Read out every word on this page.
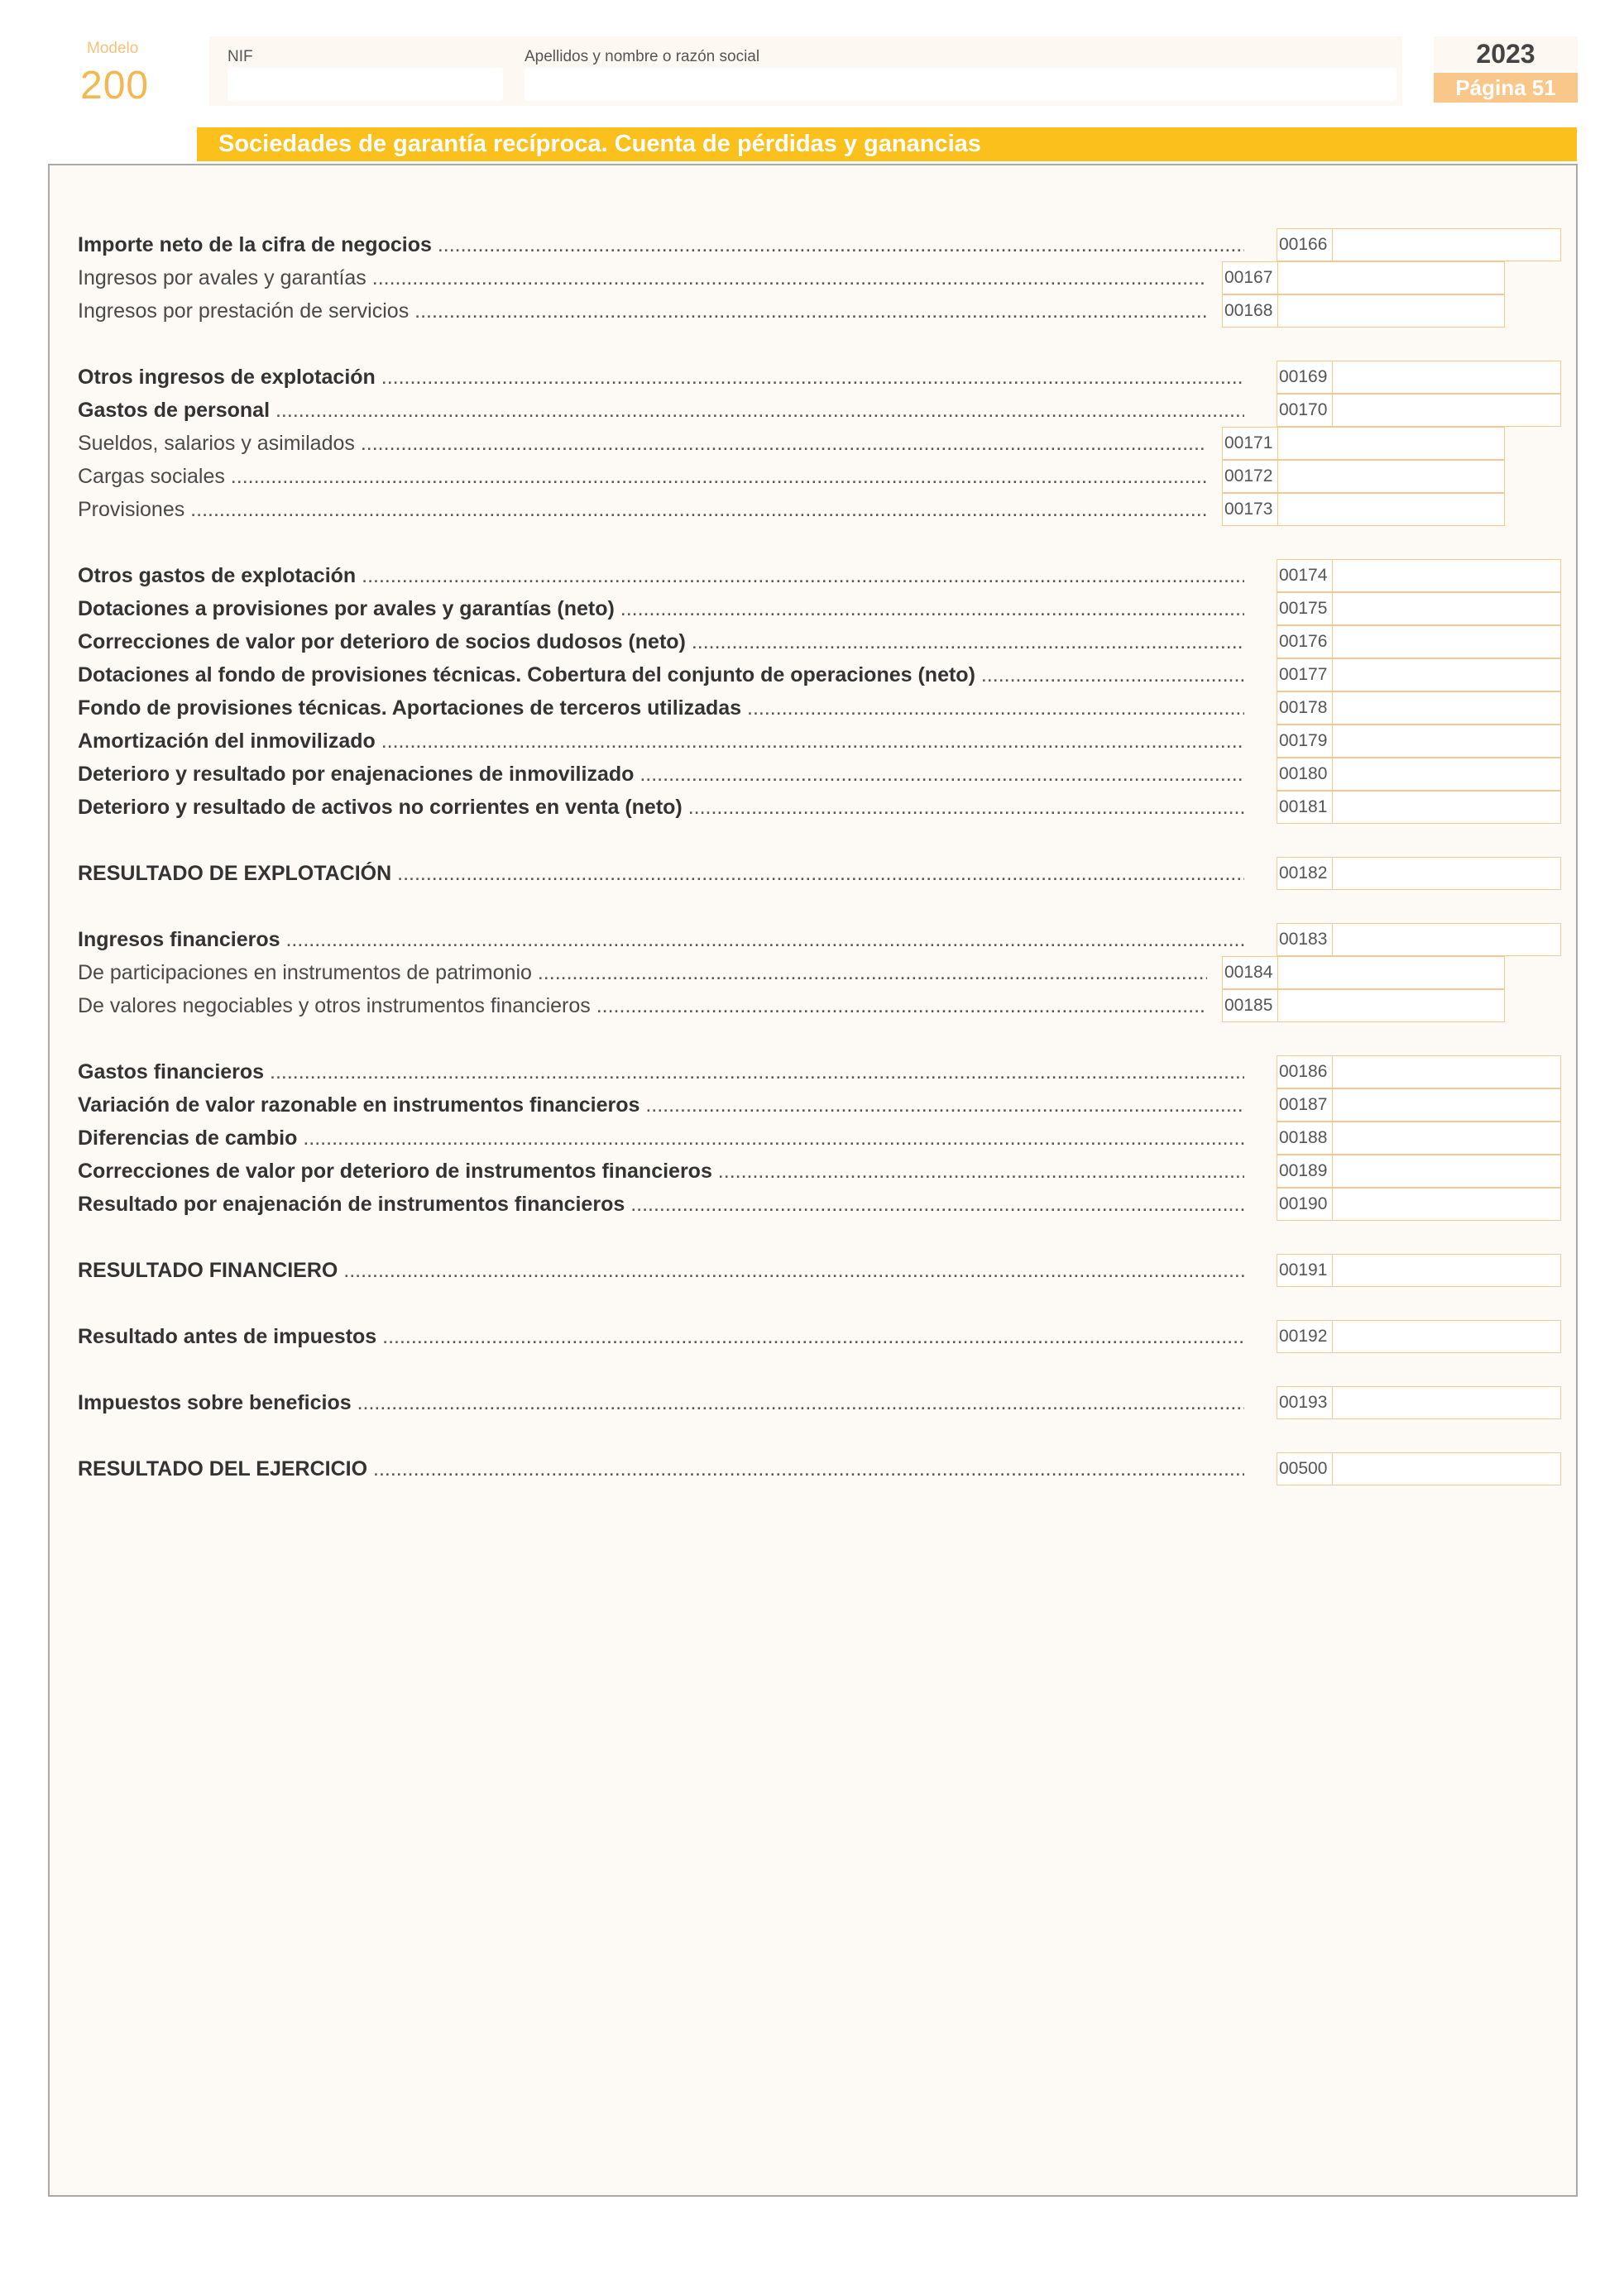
Modelo
200
NIF	Apellidos y nombre o razón social	2023
Página 51
Sociedades de garantía recíproca. Cuenta de pérdidas y ganancias
Importe neto de la cifra de negocios .....	00166
Ingresos por avales y garantías .....	00167
Ingresos por prestación de servicios .....	00168
Otros ingresos de explotación .....	00169
Gastos de personal .....	00170
Sueldos, salarios y asimilados .....	00171
Cargas sociales .....	00172
Provisiones .....	00173
Otros gastos de explotación .....	00174
Dotaciones a provisiones por avales y garantías (neto) .....	00175
Correcciones de valor por deterioro de socios dudosos (neto) .....	00176
Dotaciones al fondo de provisiones técnicas. Cobertura del conjunto de operaciones (neto) .....	00177
Fondo de provisiones técnicas. Aportaciones de terceros utilizadas .....	00178
Amortización del inmovilizado .....	00179
Deterioro y resultado por enajenaciones de inmovilizado .....	00180
Deterioro y resultado de activos no corrientes en venta (neto) .....	00181
RESULTADO DE EXPLOTACIÓN .....	00182
Ingresos financieros .....	00183
De participaciones en instrumentos de patrimonio .....	00184
De valores negociables y otros instrumentos financieros .....	00185
Gastos financieros .....	00186
Variación de valor razonable en instrumentos financieros .....	00187
Diferencias de cambio .....	00188
Correcciones de valor por deterioro de instrumentos financieros .....	00189
Resultado por enajenación de instrumentos financieros .....	00190
RESULTADO FINANCIERO .....	00191
Resultado antes de impuestos .....	00192
Impuestos sobre beneficios .....	00193
RESULTADO DEL EJERCICIO .....	00500
